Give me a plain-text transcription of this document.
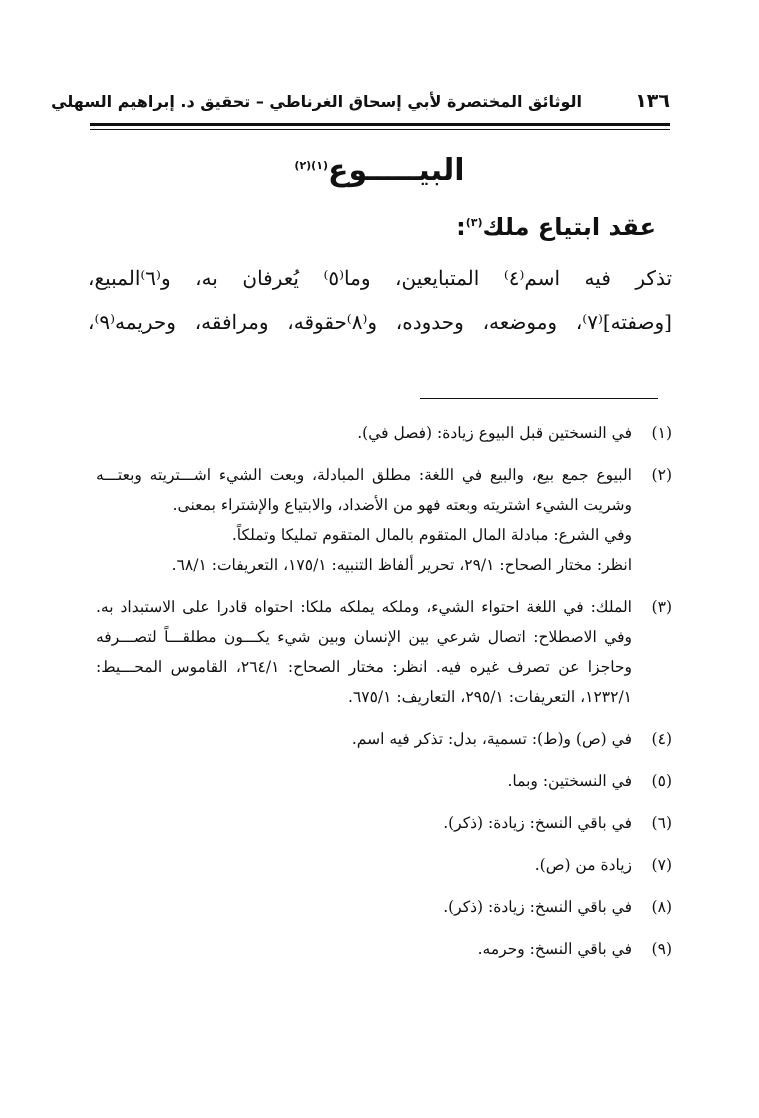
١٣٦
الوثائق المختصرة لأبي إسحاق الغرناطي – تحقيق د. إبراهيم السهلي
البيـــــوع$^{(١)(٢)}$
عقد ابتياع ملك$^{(٣)}$:
تذكر فيه اسم⁽٤⁾ المتبايعين، وما⁽٥⁾ يُعرفان به، و⁽٦⁾المبيع،
[وصفته]⁽٧⁾، وموضعه، وحدوده، و⁽٨⁾حقوقه، ومرافقه، وحريمه⁽٩⁾،
(١)
في النسختين قبل البيوع زيادة: (فصل في).
(٢)
البيوع جمع بيع، والبيع في اللغة: مطلق المبادلة، وبعت الشيء اشـــتريته وبعتـــه
وشريت الشيء اشتريته وبعته فهو من الأضداد، والابتياع والإشتراء بمعنى.
وفي الشرع: مبادلة المال المتقوم بالمال المتقوم تمليكا وتملكاً.
انظر: مختار الصحاح: ٢٩/١، تحرير ألفاظ التنبيه: ١٧٥/١، التعريفات: ٦٨/١.
(٣)
الملك: في اللغة احتواء الشيء، وملكه يملكه ملكا: احتواه قادرا على الاستبداد به.
وفي الاصطلاح: اتصال شرعي بين الإنسان وبين شيء يكـــون مطلقـــاً لتصـــرفه
وحاجزا عن تصرف غيره فيه. انظر: مختار الصحاح: ٢٦٤/١، القاموس المحـــيط:
١٢٣٢/١، التعريفات: ٢٩٥/١، التعاريف: ٦٧٥/١.
(٤)
في (ص) و(ط): تسمية، بدل: تذكر فيه اسم.
(٥)
في النسختين: وبما.
(٦)
في باقي النسخ: زيادة: (ذكر).
(٧)
زيادة من (ص).
(٨)
في باقي النسخ: زيادة: (ذكر).
(٩)
في باقي النسخ: وحرمه.
